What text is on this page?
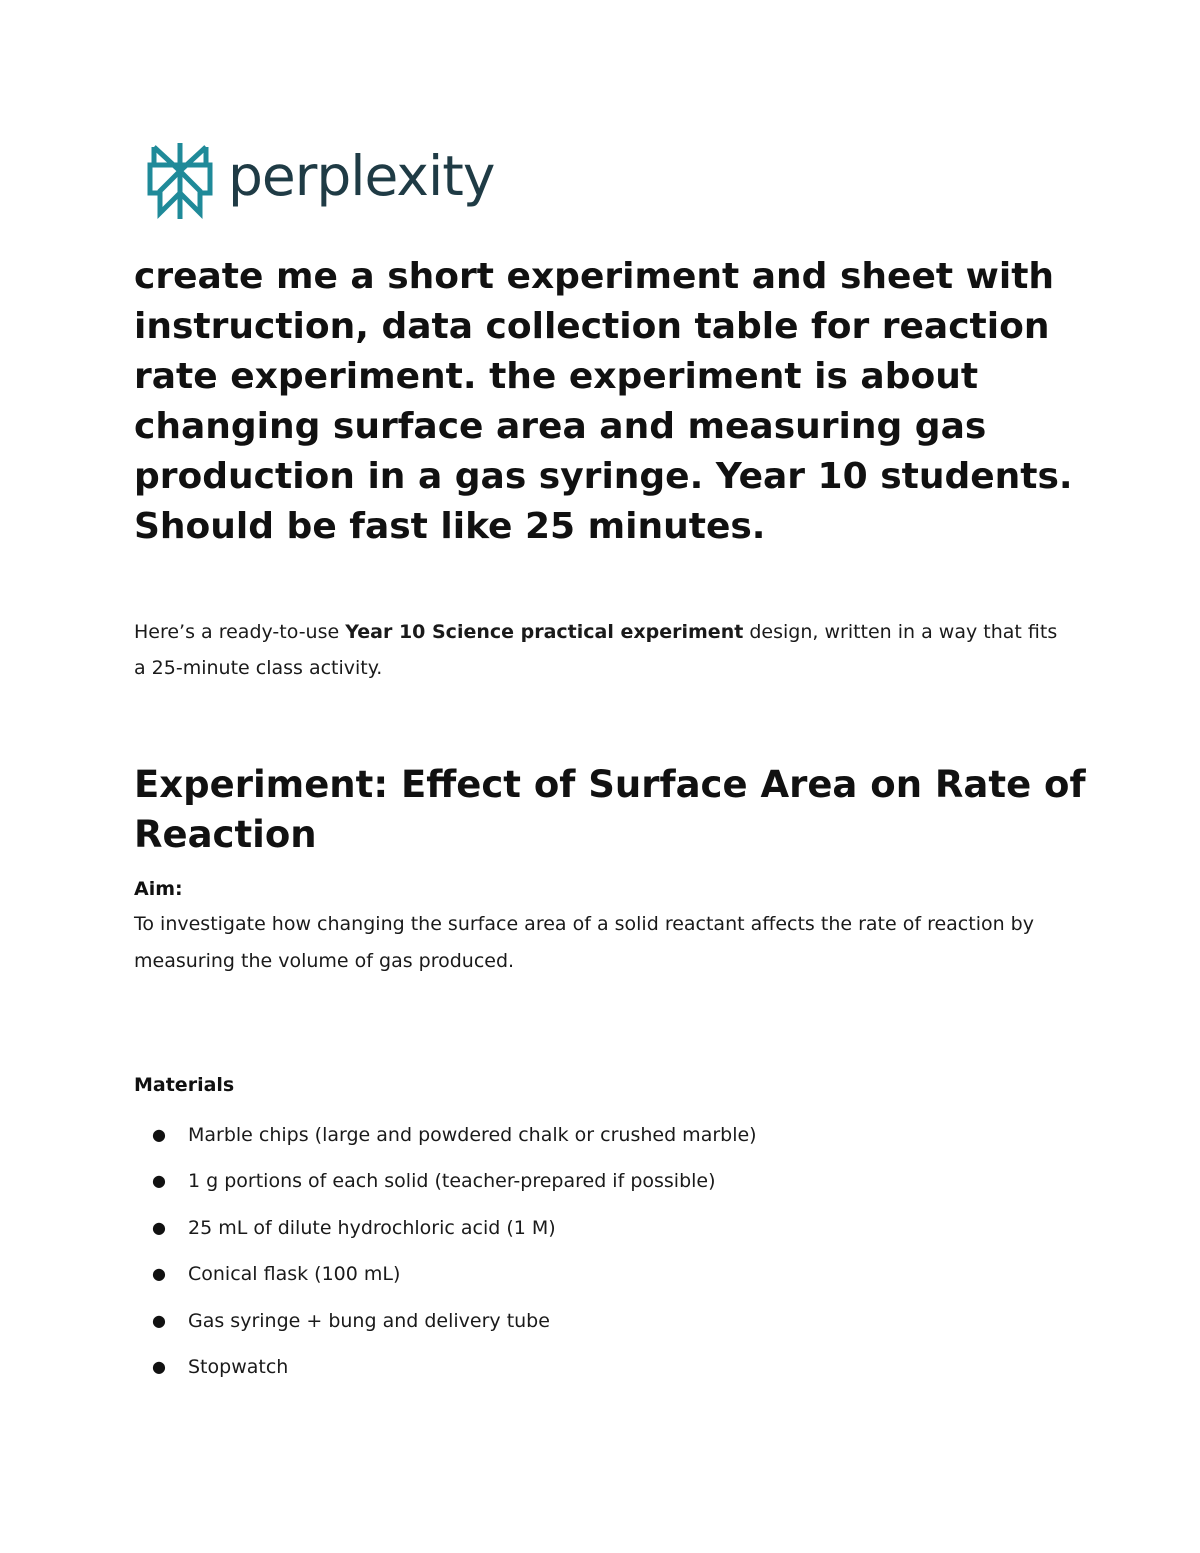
perplexity
create me a short experiment and sheet with instruction, data collection table for reaction rate experiment. the experiment is about changing surface area and measuring gas production in a gas syringe. Year 10 students. Should be fast like 25 minutes.

Here’s a ready-to-use Year 10 Science practical experiment design, written in a way that fits a 25-minute class activity.

Experiment: Effect of Surface Area on Rate of Reaction

Aim:

To investigate how changing the surface area of a solid reactant affects the rate of reaction by measuring the volume of gas produced.

Materials

● Marble chips (large and powdered chalk or crushed marble)
● 1 g portions of each solid (teacher-prepared if possible)
● 25 mL of dilute hydrochloric acid (1 M)
● Conical flask (100 mL)
● Gas syringe + bung and delivery tube
● Stopwatch
